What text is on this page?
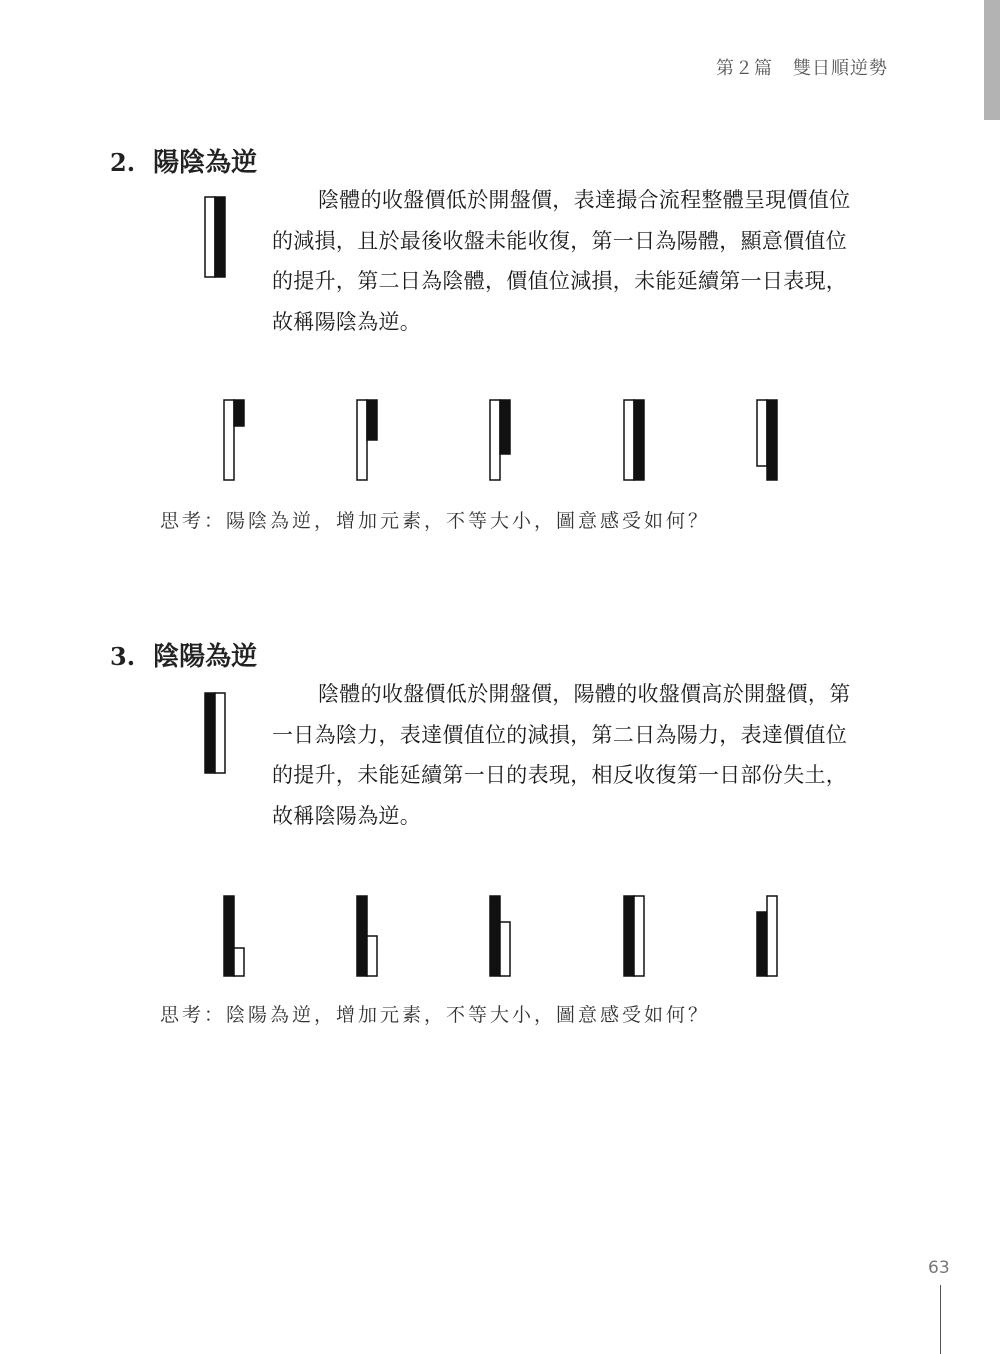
第２篇 雙日順逆勢
2. 陽陰為逆
陰體的收盤價低於開盤價，表達撮合流程整體呈現價值位
的減損，且於最後收盤未能收復，第一日為陽體，顯意價值位
的提升，第二日為陰體，價值位減損，未能延續第一日表現，
故稱陽陰為逆。
思考：陽陰為逆，增加元素，不等大小，圖意感受如何？
3. 陰陽為逆
陰體的收盤價低於開盤價，陽體的收盤價高於開盤價，第
一日為陰力，表達價值位的減損，第二日為陽力，表達價值位
的提升，未能延續第一日的表現，相反收復第一日部份失土，
故稱陰陽為逆。
思考：陰陽為逆，增加元素，不等大小，圖意感受如何？
63
